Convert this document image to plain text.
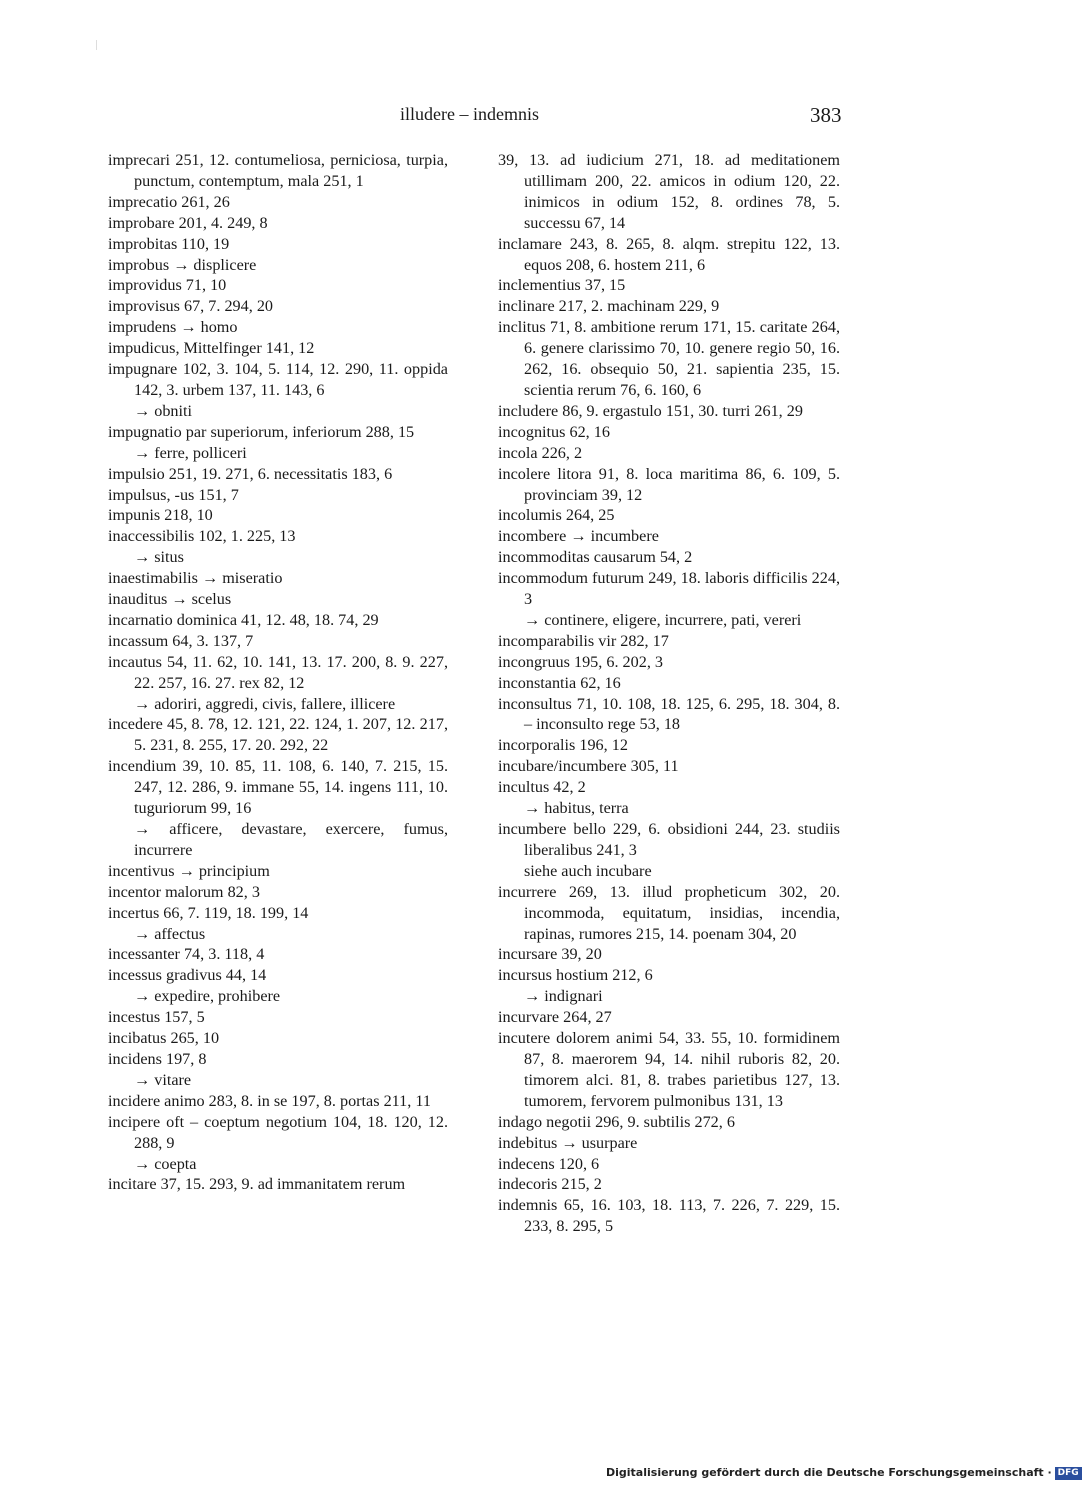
illudere – indemnis	383

imprecari 251, 12. contumeliosa, perniciosa, turpia, punctum, contemptum, mala 251, 1

imprecatio 261, 26

improbare 201, 4. 249, 8

improbitas 110, 19

improbus → displicere

improvidus 71, 10

improvisus 67, 7. 294, 20

imprudens → homo

impudicus, Mittelfinger 141, 12

impugnare 102, 3. 104, 5. 114, 12. 290, 11. oppida 142, 3. urbem 137, 11. 143, 6

→ obniti

impugnatio par superiorum, inferiorum 288, 15

→ ferre, polliceri

impulsio 251, 19. 271, 6. necessitatis 183, 6

impulsus, -us 151, 7

impunis 218, 10

inaccessibilis 102, 1. 225, 13

→ situs

inaestimabilis → miseratio

inauditus → scelus

incarnatio dominica 41, 12. 48, 18. 74, 29

incassum 64, 3. 137, 7

incautus 54, 11. 62, 10. 141, 13. 17. 200, 8. 9. 227, 22. 257, 16. 27. rex 82, 12

→ adoriri, aggredi, civis, fallere, illicere

incedere 45, 8. 78, 12. 121, 22. 124, 1. 207, 12. 217, 5. 231, 8. 255, 17. 20. 292, 22

incendium 39, 10. 85, 11. 108, 6. 140, 7. 215, 15. 247, 12. 286, 9. immane 55, 14. ingens 111, 10. tuguriorum 99, 16

→ afficere, devastare, exercere, fumus, incurrere

incentivus → principium

incentor malorum 82, 3

incertus 66, 7. 119, 18. 199, 14

→ affectus

incessanter 74, 3. 118, 4

incessus gradivus 44, 14

→ expedire, prohibere

incestus 157, 5

incibatus 265, 10

incidens 197, 8

→ vitare

incidere animo 283, 8. in se 197, 8. portas 211, 11

incipere oft – coeptum negotium 104, 18. 120, 12. 288, 9

→ coepta

incitare 37, 15. 293, 9. ad immanitatem rerum

39, 13. ad iudicium 271, 18. ad meditationem utillimam 200, 22. amicos in odium 120, 22. inimicos in odium 152, 8. ordines 78, 5. successu 67, 14

inclamare 243, 8. 265, 8. alqm. strepitu 122, 13. equos 208, 6. hostem 211, 6

inclementius 37, 15

inclinare 217, 2. machinam 229, 9

inclitus 71, 8. ambitione rerum 171, 15. caritate 264, 6. genere clarissimo 70, 10. genere regio 50, 16. 262, 16. obsequio 50, 21. sapientia 235, 15. scientia rerum 76, 6. 160, 6

includere 86, 9. ergastulo 151, 30. turri 261, 29

incognitus 62, 16

incola 226, 2

incolere litora 91, 8. loca maritima 86, 6. 109, 5. provinciam 39, 12

incolumis 264, 25

incombere → incumbere

incommoditas causarum 54, 2

incommodum futurum 249, 18. laboris difficilis 224, 3

→ continere, eligere, incurrere, pati, vereri

incomparabilis vir 282, 17

incongruus 195, 6. 202, 3

inconstantia 62, 16

inconsultus 71, 10. 108, 18. 125, 6. 295, 18. 304, 8. – inconsulto rege 53, 18

incorporalis 196, 12

incubare/incumbere 305, 11

incultus 42, 2

→ habitus, terra

incumbere bello 229, 6. obsidioni 244, 23. studiis liberalibus 241, 3

siehe auch incubare

incurrere 269, 13. illud propheticum 302, 20. incommoda, equitatum, insidias, incendia, rapinas, rumores 215, 14. poenam 304, 20

incursare 39, 20

incursus hostium 212, 6

→ indignari

incurvare 264, 27

incutere dolorem animi 54, 33. 55, 10. formidinem 87, 8. maerorem 94, 14. nihil ruboris 82, 20. timorem alci. 81, 8. trabes parietibus 127, 13. tumorem, fervorem pulmonibus 131, 13

indago negotii 296, 9. subtilis 272, 6

indebitus → usurpare

indecens 120, 6

indecoris 215, 2

indemnis 65, 16. 103, 18. 113, 7. 226, 7. 229, 15. 233, 8. 295, 5

Digitalisierung gefördert durch die Deutsche Forschungsgemeinschaft · DFG
